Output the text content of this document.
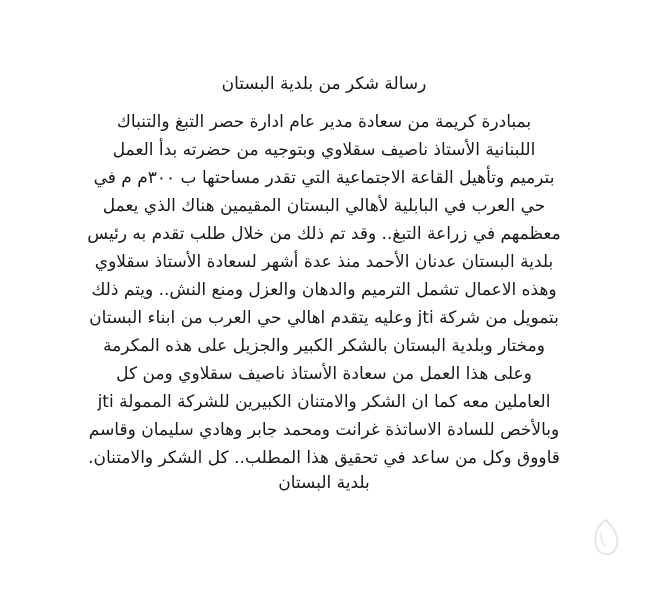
رسالة شكر من بلدية البستان
بمبادرة كريمة من سعادة مدير عام ادارة حصر التبغ والتنباك
اللبنانية الأستاذ ناصيف سقلاوي وبتوجيه من حضرته بدأ العمل
بترميم وتأهيل القاعة الاجتماعية التي تقدر مساحتها ب ٣٠٠م م في
حي العرب في البابلية لأهالي البستان المقيمين هناك الذي يعمل
معظمهم في زراعة التبغ.. وقد تم ذلك من خلال طلب تقدم به رئيس
بلدية البستان عدنان الأحمد منذ عدة أشهر لسعادة الأستاذ سقلاوي
وهذه الاعمال تشمل الترميم والدهان والعزل ومنع النش.. ويتم ذلك
بتمويل من شركة jti وعليه يتقدم اهالي حي العرب من ابناء البستان
ومختار وبلدية البستان بالشكر الكبير والجزيل على هذه المكرمة
وعلى هذا العمل من سعادة الأستاذ ناصيف سقلاوي ومن كل
العاملين معه كما ان الشكر والامتنان الكبيرين للشركة الممولة jti
وبالأخص للسادة الاساتذة غرانت ومحمد جابر وهادي سليمان وقاسم
قاووق وكل من ساعد في تحقيق هذا المطلب.. كل الشكر والامتنان.
بلدية البستان
